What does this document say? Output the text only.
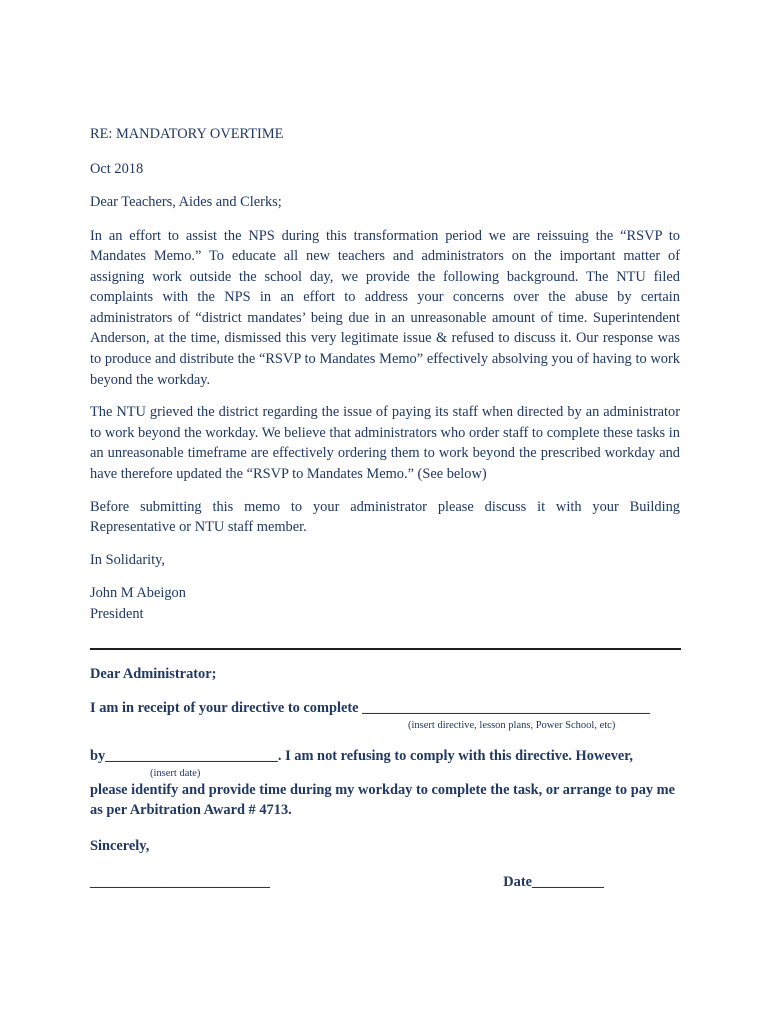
RE: MANDATORY OVERTIME

Oct 2018

Dear Teachers, Aides and Clerks;

In an effort to assist the NPS during this transformation period we are reissuing the “RSVP to Mandates Memo.” To educate all new teachers and administrators on the important matter of assigning work outside the school day, we provide the following background. The NTU filed complaints with the NPS in an effort to address your concerns over the abuse by certain administrators of “district mandates’ being due in an unreasonable amount of time. Superintendent Anderson, at the time, dismissed this very legitimate issue & refused to discuss it. Our response was to produce and distribute the “RSVP to Mandates Memo” effectively absolving you of having to work beyond the workday.

The NTU grieved the district regarding the issue of paying its staff when directed by an administrator to work beyond the workday. We believe that administrators who order staff to complete these tasks in an unreasonable timeframe are effectively ordering them to work beyond the prescribed workday and have therefore updated the “RSVP to Mandates Memo.” (See below)

Before submitting this memo to your administrator please discuss it with your Building Representative or NTU staff member.

In Solidarity,

John M Abeigon

President

Dear Administrator;

I am in receipt of your directive to complete ________________________________________

(insert directive, lesson plans, Power School, etc)

by________________________. I am not refusing to comply with this directive. However,

(insert date)

please identify and provide time during my workday to complete the task, or arrange to pay me as per Arbitration Award # 4713.

Sincerely,

_________________________	Date__________
